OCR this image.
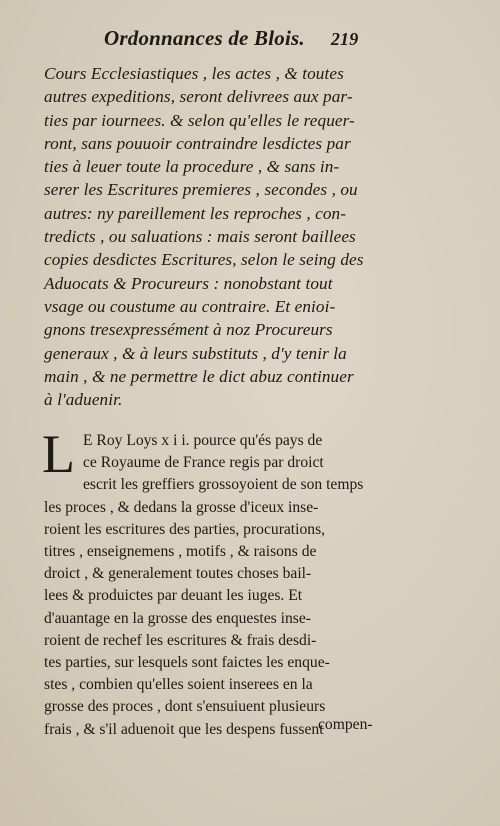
Ordonnances de Blois. 219
Cours Ecclesiastiques , les actes , & toutes
autres expeditions, seront delivrees aux par-
ties par iournees. & selon qu'elles le requer-
ront, sans pouuoir contraindre lesdictes par
ties à leuer toute la procedure , & sans in-
serer les Escritures premieres , secondes , ou
autres: ny pareillement les reproches , con-
tredicts , ou saluations : mais seront baillees
copies desdictes Escritures, selon le seing des
Aduocats & Procureurs : nonobstant tout
vsage ou coustume au contraire. Et enioi-
gnons tresexpressément à noz Procureurs
generaux , & à leurs substituts , d'y tenir la
main , & ne permettre le dict abuz continuer
à l'aduenir.
L E Roy Loys x i i. pource qu'és pays de
ce Royaume de France regis par droict
escrit les greffiers grossoyoient de son temps
les proces , & dedans la grosse d'iceux inse-
roient les escritures des parties, procurations,
titres , enseignemens , motifs , & raisons de
droict , & generalement toutes choses bail-
lees & produictes par deuant les iuges. Et
d'auantage en la grosse des enquestes inse-
roient de rechef les escritures & frais desdi-
tes parties, sur lesquels sont faictes les enque-
stes , combien qu'elles soient inserees en la
grosse des proces , dont s'ensuiuent plusieurs
frais , & s'il aduenoit que les despens fussent
compen-
